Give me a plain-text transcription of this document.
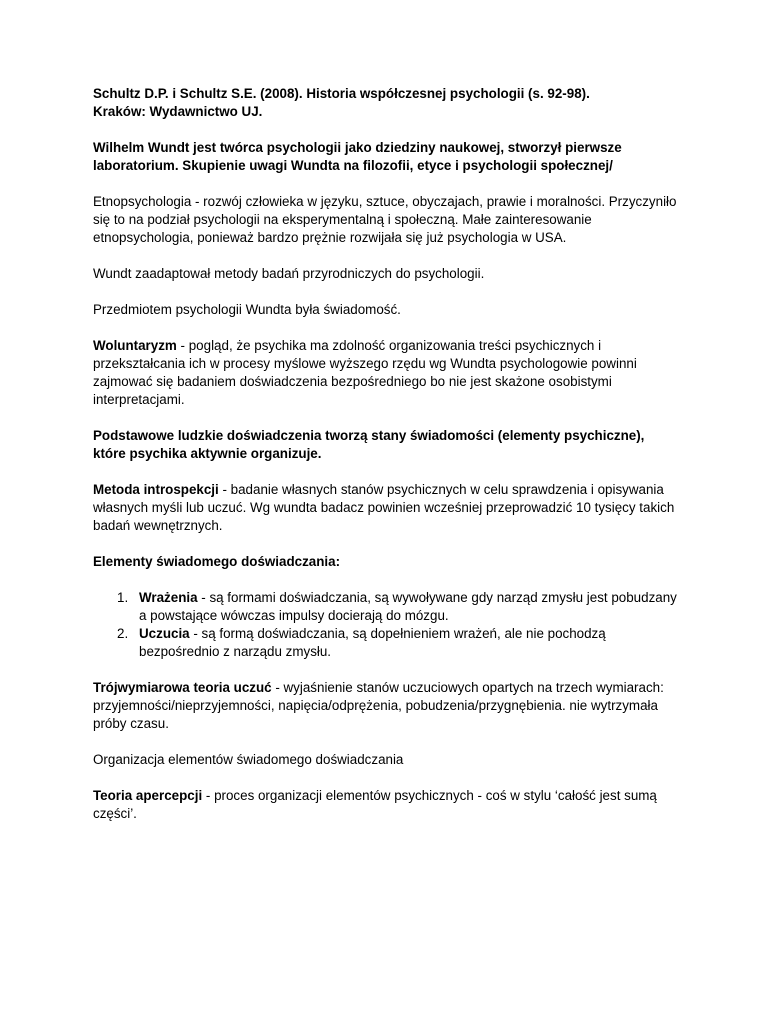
Schultz D.P. i Schultz S.E. (2008). Historia współczesnej psychologii (s. 92-98).
Kraków: Wydawnictwo UJ.

Wilhelm Wundt jest twórca psychologii jako dziedziny naukowej, stworzył pierwsze laboratorium. Skupienie uwagi Wundta na filozofii, etyce i psychologii społecznej/

Etnopsychologia - rozwój człowieka w języku, sztuce, obyczajach, prawie i moralności. Przyczyniło się to na podział psychologii na eksperymentalną i społeczną. Małe zainteresowanie etnopsychologia, ponieważ bardzo prężnie rozwijała się już psychologia w USA.

Wundt zaadaptował metody badań przyrodniczych do psychologii.

Przedmiotem psychologii Wundta była świadomość.

Woluntaryzm - pogląd, że psychika ma zdolność organizowania treści psychicznych i przekształcania ich w procesy myślowe wyższego rzędu wg Wundta psychologowie powinni zajmować się badaniem doświadczenia bezpośredniego bo nie jest skażone osobistymi interpretacjami.

Podstawowe ludzkie doświadczenia tworzą stany świadomości (elementy psychiczne), które psychika aktywnie organizuje.

Metoda introspekcji - badanie własnych stanów psychicznych w celu sprawdzenia i opisywania własnych myśli lub uczuć. Wg wundta badacz powinien wcześniej przeprowadzić 10 tysięcy takich badań wewnętrznych.

Elementy świadomego doświadczania:

1. Wrażenia - są formami doświadczania, są wywoływane gdy narząd zmysłu jest pobudzany a powstające wówczas impulsy docierają do mózgu.
2. Uczucia - są formą doświadczania, są dopełnieniem wrażeń, ale nie pochodzą bezpośrednio z narządu zmysłu.

Trójwymiarowa teoria uczuć - wyjaśnienie stanów uczuciowych opartych na trzech wymiarach: przyjemności/nieprzyjemności, napięcia/odprężenia, pobudzenia/przygnębienia. nie wytrzymała próby czasu.

Organizacja elementów świadomego doświadczania

Teoria apercepcji - proces organizacji elementów psychicznych - coś w stylu ‘całość jest sumą części’.
